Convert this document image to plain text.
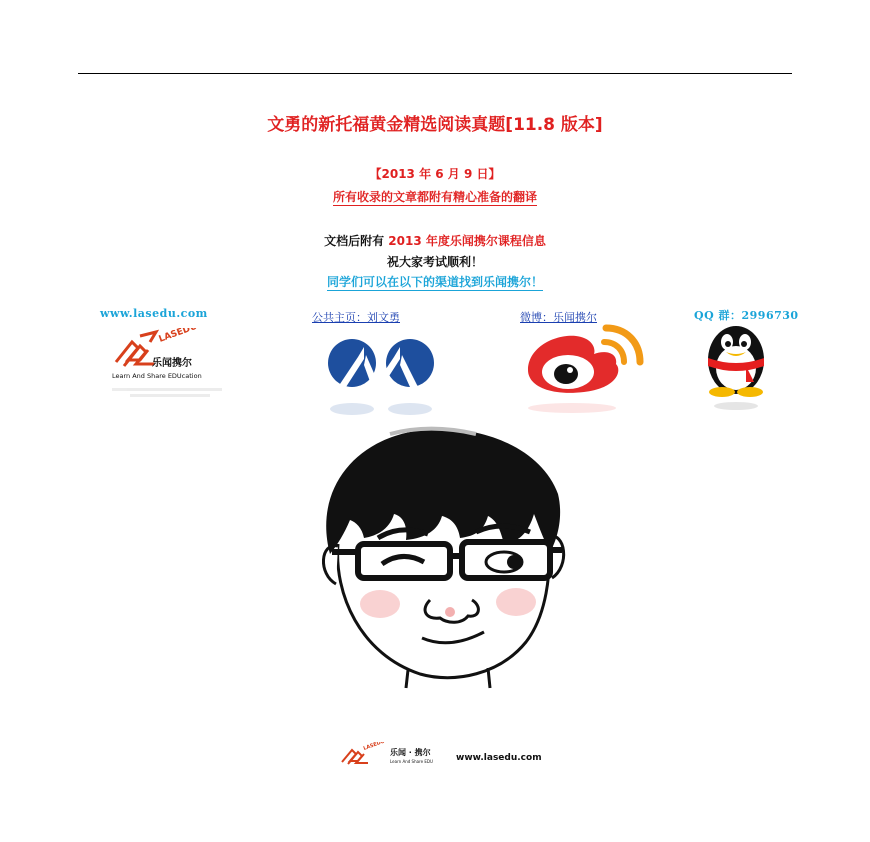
文勇的新托福黄金精选阅读真题[11.8 版本]
【2013 年 6 月 9 日】
所有收录的文章都附有精心准备的翻译
文档后附有 2013 年度乐闻携尔课程信息
祝大家考试顺利！
同学们可以在以下的渠道找到乐闻携尔！
www.lasedu.com	公共主页：刘文勇	微博：乐闻携尔	QQ 群：2996730
LASEDU
乐闻携尔
Learn And Share EDUcation
LASEDU
乐闻 · 携尔
Learn And Share EDU	www.lasedu.com
